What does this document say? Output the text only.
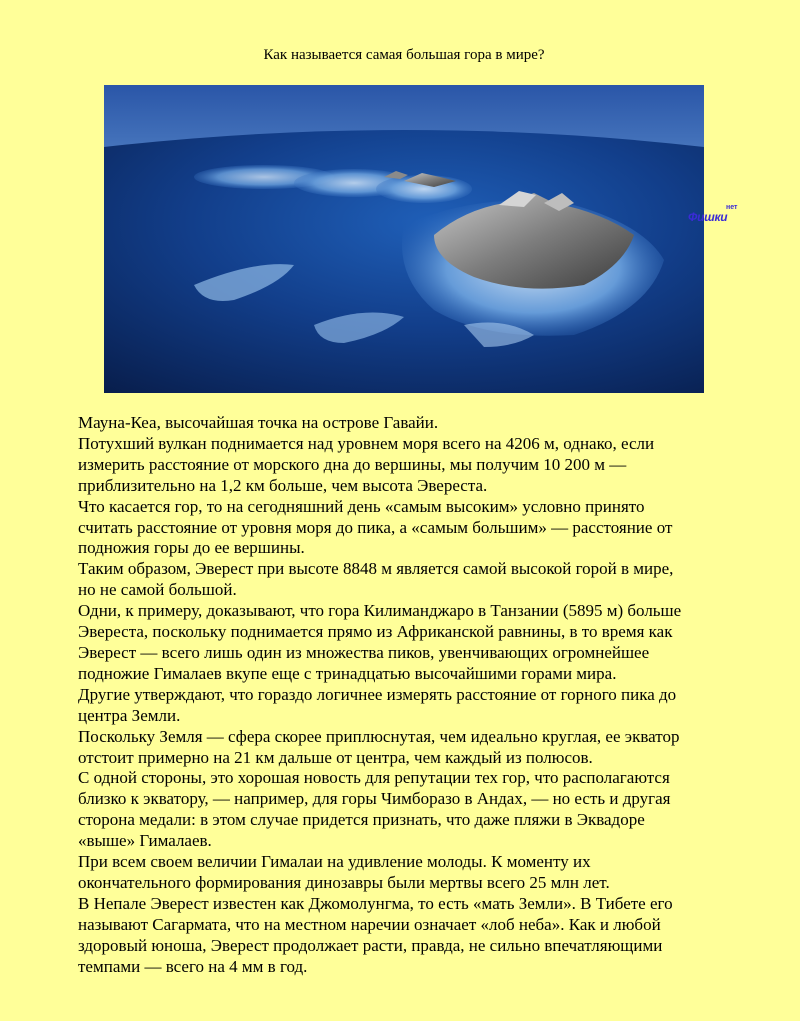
Как называется самая большая гора в мире?
Фишки
нет

Мауна-Кеа, высочайшая точка на острове Гавайи.

Потухший вулкан поднимается над уровнем моря всего на 4206 м, однако, если

измерить расстояние от морского дна до вершины, мы получим 10 200 м —

приблизительно на 1,2 км больше, чем высота Эвереста.

Что касается гор, то на сегодняшний день «самым высоким» условно принято

считать расстояние от уровня моря до пика, а «самым большим» — расстояние от

подножия горы до ее вершины.

Таким образом, Эверест при высоте 8848 м является самой высокой горой в мире,

но не самой большой.

Одни, к примеру, доказывают, что гора Килиманджаро в Танзании (5895 м) больше

Эвереста, поскольку поднимается прямо из Африканской равнины, в то время как

Эверест — всего лишь один из множества пиков, увенчивающих огромнейшее

подножие Гималаев вкупе еще с тринадцатью высочайшими горами мира.

Другие утверждают, что гораздо логичнее измерять расстояние от горного пика до

центра Земли.

Поскольку Земля — сфера скорее приплюснутая, чем идеально круглая, ее экватор

отстоит примерно на 21 км дальше от центра, чем каждый из полюсов.

С одной стороны, это хорошая новость для репутации тех гор, что располагаются

близко к экватору, — например, для горы Чимборазо в Андах, — но есть и другая

сторона медали: в этом случае придется признать, что даже пляжи в Эквадоре

«выше» Гималаев.

При всем своем величии Гималаи на удивление молоды. К моменту их

окончательного формирования динозавры были мертвы всего 25 млн лет.

В Непале Эверест известен как Джомолунгма, то есть «мать Земли». В Тибете его

называют Сагармата, что на местном наречии означает «лоб неба». Как и любой

здоровый юноша, Эверест продолжает расти, правда, не сильно впечатляющими

темпами — всего на 4 мм в год.
